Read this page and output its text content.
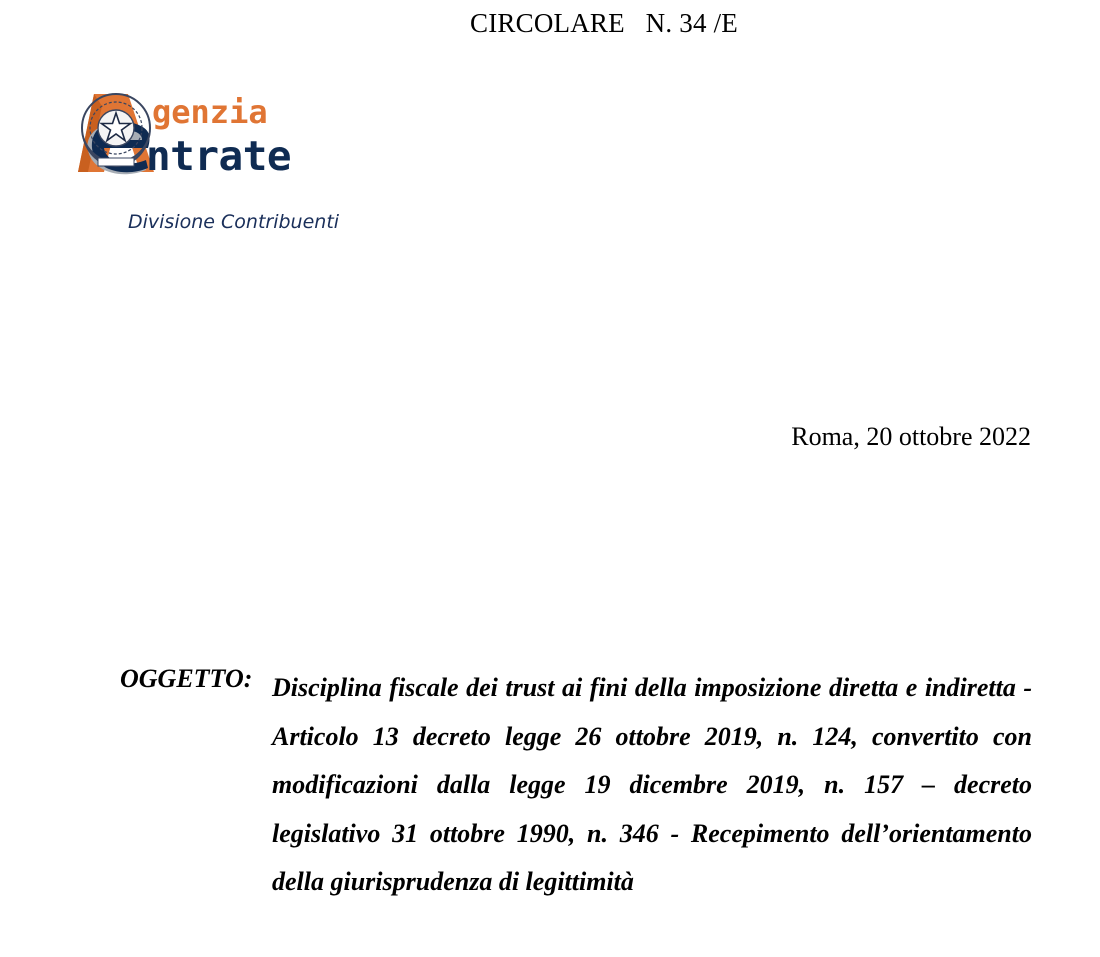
CIRCOLARE   N. 34 /E
genzia
ntrate
Divisione Contribuenti
Roma, 20 ottobre 2022
OGGETTO: Disciplina fiscale dei trust ai fini della imposizione diretta e indiretta - Articolo 13 decreto legge 26 ottobre 2019, n. 124, convertito con modificazioni dalla legge 19 dicembre 2019, n. 157 – decreto legislativo 31 ottobre 1990, n. 346 - Recepimento dell’orientamento della giurisprudenza di legittimità
